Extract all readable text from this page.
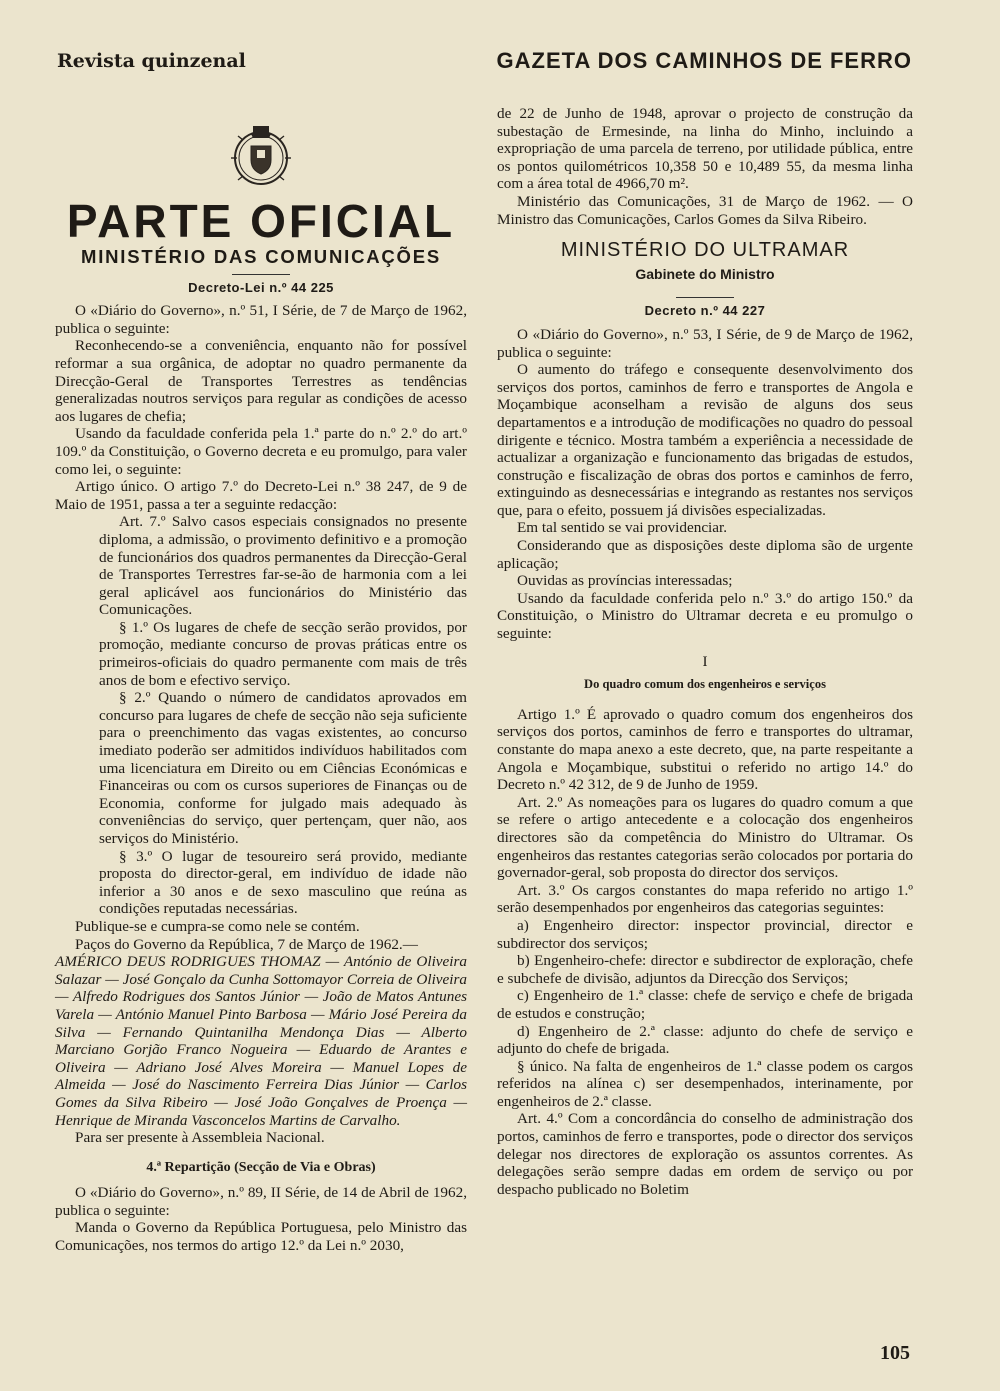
Revista quinzenal	GAZETA DOS CAMINHOS DE FERRO
PARTE OFICIAL
MINISTÉRIO DAS COMUNICAÇÕES
Decreto-Lei n.º 44 225

O «Diário do Governo», n.º 51, I Série, de 7 de Março de 1962, publica o seguinte:

Reconhecendo-se a conveniência, enquanto não for possível reformar a sua orgânica, de adoptar no quadro permanente da Direcção-Geral de Transportes Terrestres as tendências generalizadas noutros serviços para regular as condições de acesso aos lugares de chefia;

Usando da faculdade conferida pela 1.ª parte do n.º 2.º do art.º 109.º da Constituição, o Governo decreta e eu promulgo, para valer como lei, o seguinte:

Artigo único. O artigo 7.º do Decreto-Lei n.º 38 247, de 9 de Maio de 1951, passa a ter a seguinte redacção:

Art. 7.º Salvo casos especiais consignados no presente diploma, a admissão, o provimento definitivo e a promoção de funcionários dos quadros permanentes da Direcção-Geral de Transportes Terrestres far-se-ão de harmonia com a lei geral aplicável aos funcionários do Ministério das Comunicações.

§ 1.º Os lugares de chefe de secção serão providos, por promoção, mediante concurso de provas práticas entre os primeiros-oficiais do quadro permanente com mais de três anos de bom e efectivo serviço.

§ 2.º Quando o número de candidatos aprovados em concurso para lugares de chefe de secção não seja suficiente para o preenchimento das vagas existentes, ao concurso imediato poderão ser admitidos indivíduos habilitados com uma licenciatura em Direito ou em Ciências Económicas e Financeiras ou com os cursos superiores de Finanças ou de Economia, conforme for julgado mais adequado às conveniências do serviço, quer pertençam, quer não, aos serviços do Ministério.

§ 3.º O lugar de tesoureiro será provido, mediante proposta do director-geral, em indivíduo de idade não inferior a 30 anos e de sexo masculino que reúna as condições reputadas necessárias.

Publique-se e cumpra-se como nele se contém.

Paços do Governo da República, 7 de Março de 1962.—

AMÉRICO DEUS RODRIGUES THOMAZ — António de Oliveira Salazar — José Gonçalo da Cunha Sottomayor Correia de Oliveira — Alfredo Rodrigues dos Santos Júnior — João de Matos Antunes Varela — António Manuel Pinto Barbosa — Mário José Pereira da Silva — Fernando Quintanilha Mendonça Dias — Alberto Marciano Gorjão Franco Nogueira — Eduardo de Arantes e Oliveira — Adriano José Alves Moreira — Manuel Lopes de Almeida — José do Nascimento Ferreira Dias Júnior — Carlos Gomes da Silva Ribeiro — José João Gonçalves de Proença — Henrique de Miranda Vasconcelos Martins de Carvalho.

Para ser presente à Assembleia Nacional.

4.ª Repartição (Secção de Via e Obras)

O «Diário do Governo», n.º 89, II Série, de 14 de Abril de 1962, publica o seguinte:

Manda o Governo da República Portuguesa, pelo Ministro das Comunicações, nos termos do artigo 12.º da Lei n.º 2030,

de 22 de Junho de 1948, aprovar o projecto de construção da subestação de Ermesinde, na linha do Minho, incluindo a expropriação de uma parcela de terreno, por utilidade pública, entre os pontos quilométricos 10,358 50 e 10,489 55, da mesma linha com a área total de 4966,70 m².

Ministério das Comunicações, 31 de Março de 1962. — O Ministro das Comunicações, Carlos Gomes da Silva Ribeiro.

MINISTÉRIO DO ULTRAMAR
Gabinete do Ministro
Decreto n.º 44 227

O «Diário do Governo», n.º 53, I Série, de 9 de Março de 1962, publica o seguinte:

O aumento do tráfego e consequente desenvolvimento dos serviços dos portos, caminhos de ferro e transportes de Angola e Moçambique aconselham a revisão de alguns dos seus departamentos e a introdução de modificações no quadro do pessoal dirigente e técnico. Mostra também a experiência a necessidade de actualizar a organização e funcionamento das brigadas de estudos, construção e fiscalização de obras dos portos e caminhos de ferro, extinguindo as desnecessárias e integrando as restantes nos serviços que, para o efeito, possuem já divisões especializadas.

Em tal sentido se vai providenciar.

Considerando que as disposições deste diploma são de urgente aplicação;

Ouvidas as províncias interessadas;

Usando da faculdade conferida pelo n.º 3.º do artigo 150.º da Constituição, o Ministro do Ultramar decreta e eu promulgo o seguinte:

I
Do quadro comum dos engenheiros e serviços

Artigo 1.º É aprovado o quadro comum dos engenheiros dos serviços dos portos, caminhos de ferro e transportes do ultramar, constante do mapa anexo a este decreto, que, na parte respeitante a Angola e Moçambique, substitui o referido no artigo 14.º do Decreto n.º 42 312, de 9 de Junho de 1959.

Art. 2.º As nomeações para os lugares do quadro comum a que se refere o artigo antecedente e a colocação dos engenheiros directores são da competência do Ministro do Ultramar. Os engenheiros das restantes categorias serão colocados por portaria do governador-geral, sob proposta do director dos serviços.

Art. 3.º Os cargos constantes do mapa referido no artigo 1.º serão desempenhados por engenheiros das categorias seguintes:

a) Engenheiro director: inspector provincial, director e subdirector dos serviços;

b) Engenheiro-chefe: director e subdirector de exploração, chefe e subchefe de divisão, adjuntos da Direcção dos Serviços;

c) Engenheiro de 1.ª classe: chefe de serviço e chefe de brigada de estudos e construção;

d) Engenheiro de 2.ª classe: adjunto do chefe de serviço e adjunto do chefe de brigada.

§ único. Na falta de engenheiros de 1.ª classe podem os cargos referidos na alínea c) ser desempenhados, interinamente, por engenheiros de 2.ª classe.

Art. 4.º Com a concordância do conselho de administração dos portos, caminhos de ferro e transportes, pode o director dos serviços delegar nos directores de exploração os assuntos correntes. As delegações serão sempre dadas em ordem de serviço ou por despacho publicado no Boletim

105
